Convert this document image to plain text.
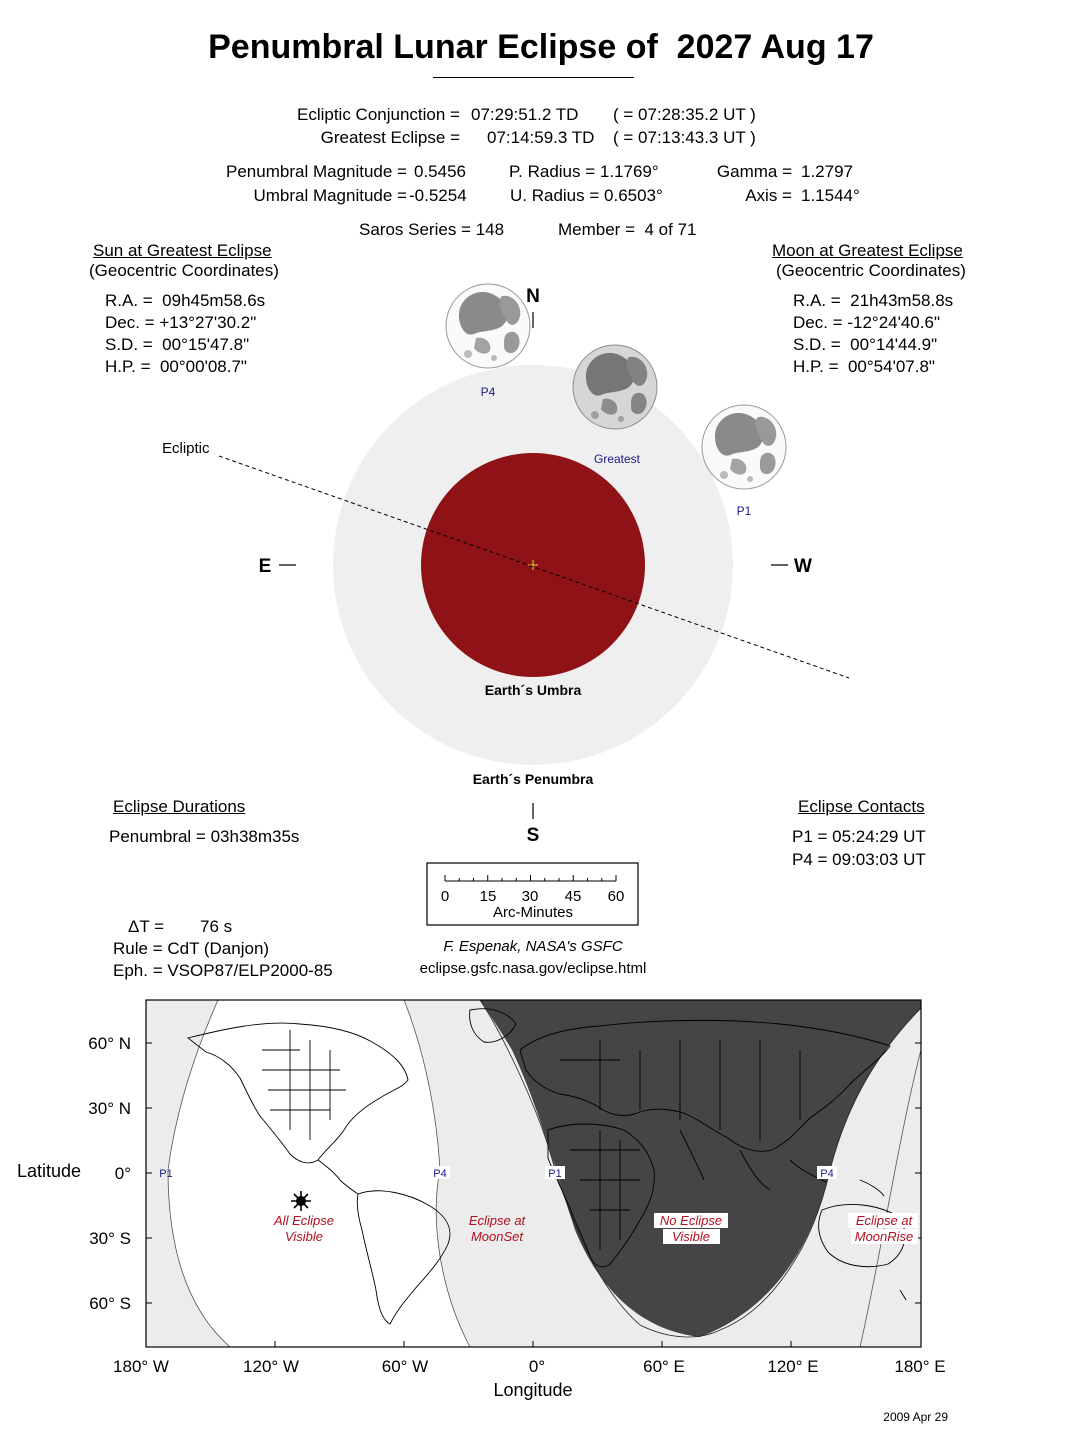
Penumbral Lunar Eclipse of  2027 Aug 17
Ecliptic Conjunction = 07:29:51.2 TD ( = 07:28:35.2 UT )
Greatest Eclipse = 07:14:59.3 TD ( = 07:13:43.3 UT )
Penumbral Magnitude = 0.5456
Umbral Magnitude = -0.5254
P. Radius = 1.1769°
U. Radius = 0.6503°
Gamma = 1.2797
Axis = 1.1544°
Saros Series = 148	Member =  4 of 71
Sun at Greatest Eclipse
(Geocentric Coordinates)
R.A. =  09h45m58.6s
Dec. = +13°27'30.2"
S.D. =  00°15'47.8"
H.P. =  00°00'08.7"
Moon at Greatest Eclipse
(Geocentric Coordinates)
R.A. =  21h43m58.8s
Dec. = -12°24'40.6"
S.D. =  00°14'44.9"
H.P. =  00°54'07.8"
N
S
E	W
Ecliptic
P4
Greatest
P1
Earth´s Umbra
Earth´s Penumbra
Eclipse Durations
Penumbral = 03h38m35s
Eclipse Contacts
P1 = 05:24:29 UT
P4 = 09:03:03 UT
0 15 30 45 60
Arc-Minutes
ΔT = 76 s
Rule = CdT (Danjon)
Eph. = VSOP87/ELP2000-85
F. Espenak, NASA's GSFC
eclipse.gsfc.nasa.gov/eclipse.html
60° N
30° N
0°
30° S
60° S
Latitude
180° W	120° W	60° W	0°	60° E	120° E	180° E
Longitude
P1	P4	P1	P4
All Eclipse
Visible
Eclipse at
MoonSet
No Eclipse
Visible
Eclipse at
MoonRise
2009 Apr 29
